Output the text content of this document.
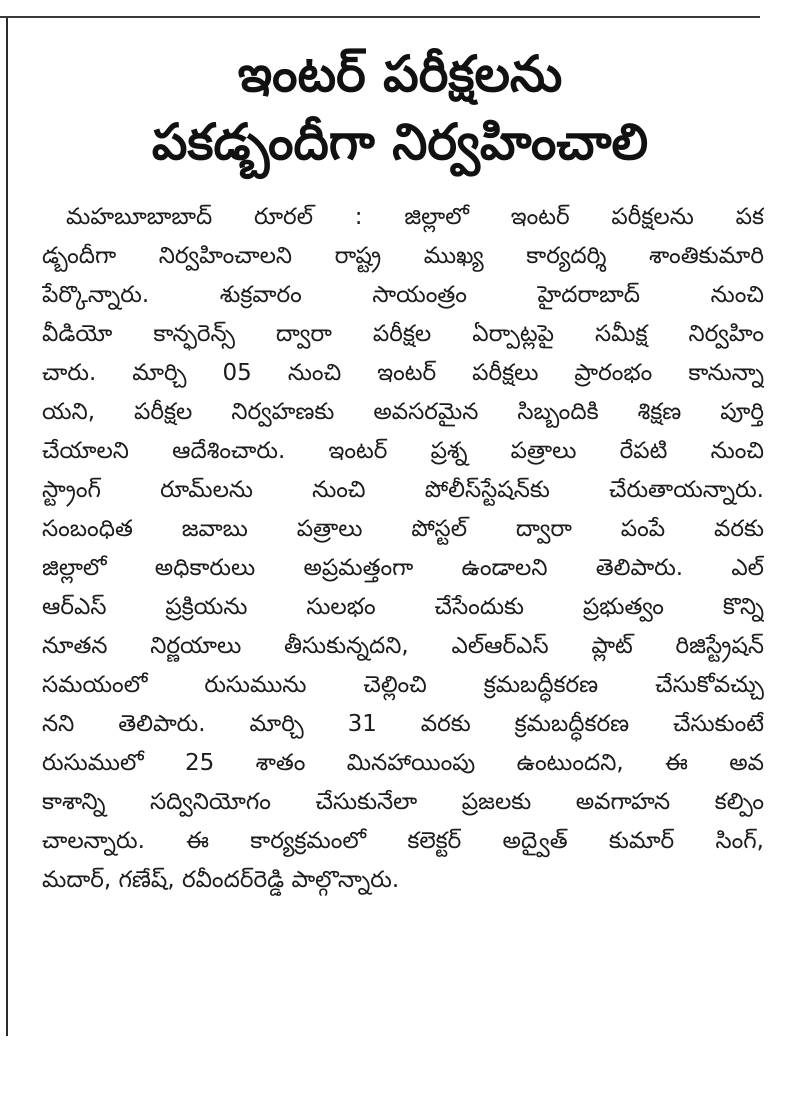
ఇంటర్ పరీక్షలను
పకడ్బందీగా నిర్వహించాలి
మహబూబాబాద్ రూరల్ : జిల్లాలో ఇంటర్ పరీక్షలను పక
డ్బందీగా నిర్వహించాలని రాష్ట్ర ముఖ్య కార్యదర్శి శాంతికుమారి
పేర్కొన్నారు. శుక్రవారం సాయంత్రం హైదరాబాద్ నుంచి
వీడియో కాన్ఫరెన్స్ ద్వారా పరీక్షల ఏర్పాట్లపై సమీక్ష నిర్వహిం
చారు. మార్చి 05 నుంచి ఇంటర్ పరీక్షలు ప్రారంభం కానున్నా
యని, పరీక్షల నిర్వహణకు అవసరమైన సిబ్బందికి శిక్షణ పూర్తి
చేయాలని ఆదేశించారు. ఇంటర్ ప్రశ్న పత్రాలు రేపటి నుంచి
స్ట్రాంగ్ రూమ్‌లను నుంచి పోలీస్‌స్టేషన్‌కు చేరుతాయన్నారు.
సంబంధిత జవాబు పత్రాలు పోస్టల్ ద్వారా పంపే వరకు
జిల్లాలో అధికారులు అప్రమత్తంగా ఉండాలని తెలిపారు. ఎల్
ఆర్ఎస్ ప్రక్రియను సులభం చేసేందుకు ప్రభుత్వం కొన్ని
నూతన నిర్ణయాలు తీసుకున్నదని, ఎల్ఆర్ఎస్ ప్లాట్ రిజిస్ట్రేషన్
సమయంలో రుసుమును చెల్లించి క్రమబద్ధీకరణ చేసుకోవచ్చు
నని తెలిపారు. మార్చి 31 వరకు క్రమబద్ధీకరణ చేసుకుంటే
రుసుములో 25 శాతం మినహాయింపు ఉంటుందని, ఈ అవ
కాశాన్ని సద్వినియోగం చేసుకునేలా ప్రజలకు అవగాహన కల్పిం
చాలన్నారు. ఈ కార్యక్రమంలో కలెక్టర్ అద్వైత్ కుమార్ సింగ్,
మదార్, గణేష్, రవీందర్‌రెడ్డి పాల్గొన్నారు.
